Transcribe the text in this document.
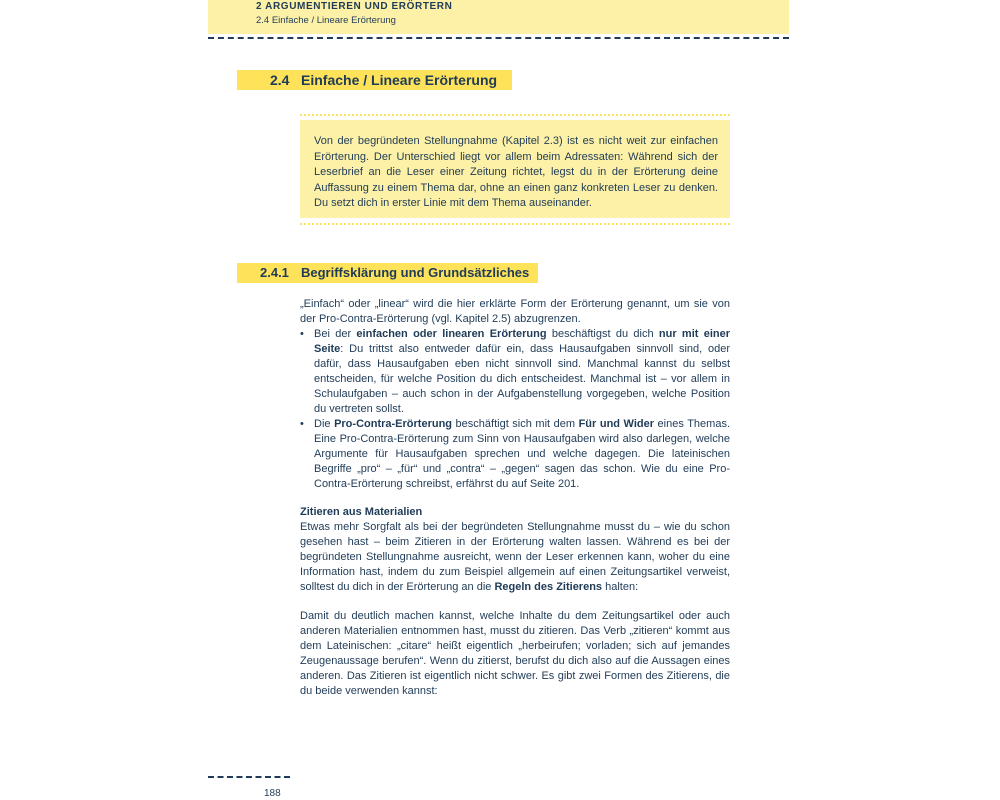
2 ARGUMENTIEREN UND ERÖRTERN
2.4 Einfache / Lineare Erörterung
2.4 Einfache / Lineare Erörterung

Von der begründeten Stellungnahme (Kapitel 2.3) ist es nicht weit zur einfachen Erörterung. Der Unterschied liegt vor allem beim Adressaten: Während sich der Leserbrief an die Leser einer Zeitung richtet, legst du in der Erörterung deine Auffassung zu einem Thema dar, ohne an einen ganz konkreten Leser zu denken. Du setzt dich in erster Linie mit dem Thema auseinander.

2.4.1 Begriffsklärung und Grundsätzliches

„Einfach“ oder „linear“ wird die hier erklärte Form der Erörterung genannt, um sie von der Pro-Contra-Erörterung (vgl. Kapitel 2.5) abzugrenzen.

• Bei der einfachen oder linearen Erörterung beschäftigst du dich nur mit einer Seite: Du trittst also entweder dafür ein, dass Hausaufgaben sinnvoll sind, oder dafür, dass Hausaufgaben eben nicht sinnvoll sind. Manchmal kannst du selbst entscheiden, für welche Position du dich entscheidest. Manchmal ist – vor allem in Schulaufgaben – auch schon in der Aufgabenstellung vorgegeben, welche Position du vertreten sollst.
• Die Pro-Contra-Erörterung beschäftigt sich mit dem Für und Wider eines Themas. Eine Pro-Contra-Erörterung zum Sinn von Hausaufgaben wird also darlegen, welche Argumente für Hausaufgaben sprechen und welche dagegen. Die lateinischen Begriffe „pro“ – „für“ und „contra“ – „gegen“ sagen das schon. Wie du eine Pro-Contra-Erörterung schreibst, erfährst du auf Seite 201.

Zitieren aus Materialien

Etwas mehr Sorgfalt als bei der begründeten Stellungnahme musst du – wie du schon gesehen hast – beim Zitieren in der Erörterung walten lassen. Während es bei der begründeten Stellungnahme ausreicht, wenn der Leser erkennen kann, woher du eine Information hast, indem du zum Beispiel allgemein auf einen Zeitungsartikel verweist, solltest du dich in der Erörterung an die Regeln des Zitierens halten:

Damit du deutlich machen kannst, welche Inhalte du dem Zeitungsartikel oder auch anderen Materialien entnommen hast, musst du zitieren. Das Verb „zitieren“ kommt aus dem Lateinischen: „citare“ heißt eigentlich „herbeirufen; vorladen; sich auf jemandes Zeugenaussage berufen“. Wenn du zitierst, berufst du dich also auf die Aussagen eines anderen. Das Zitieren ist eigentlich nicht schwer. Es gibt zwei Formen des Zitierens, die du beide verwenden kannst:

188
